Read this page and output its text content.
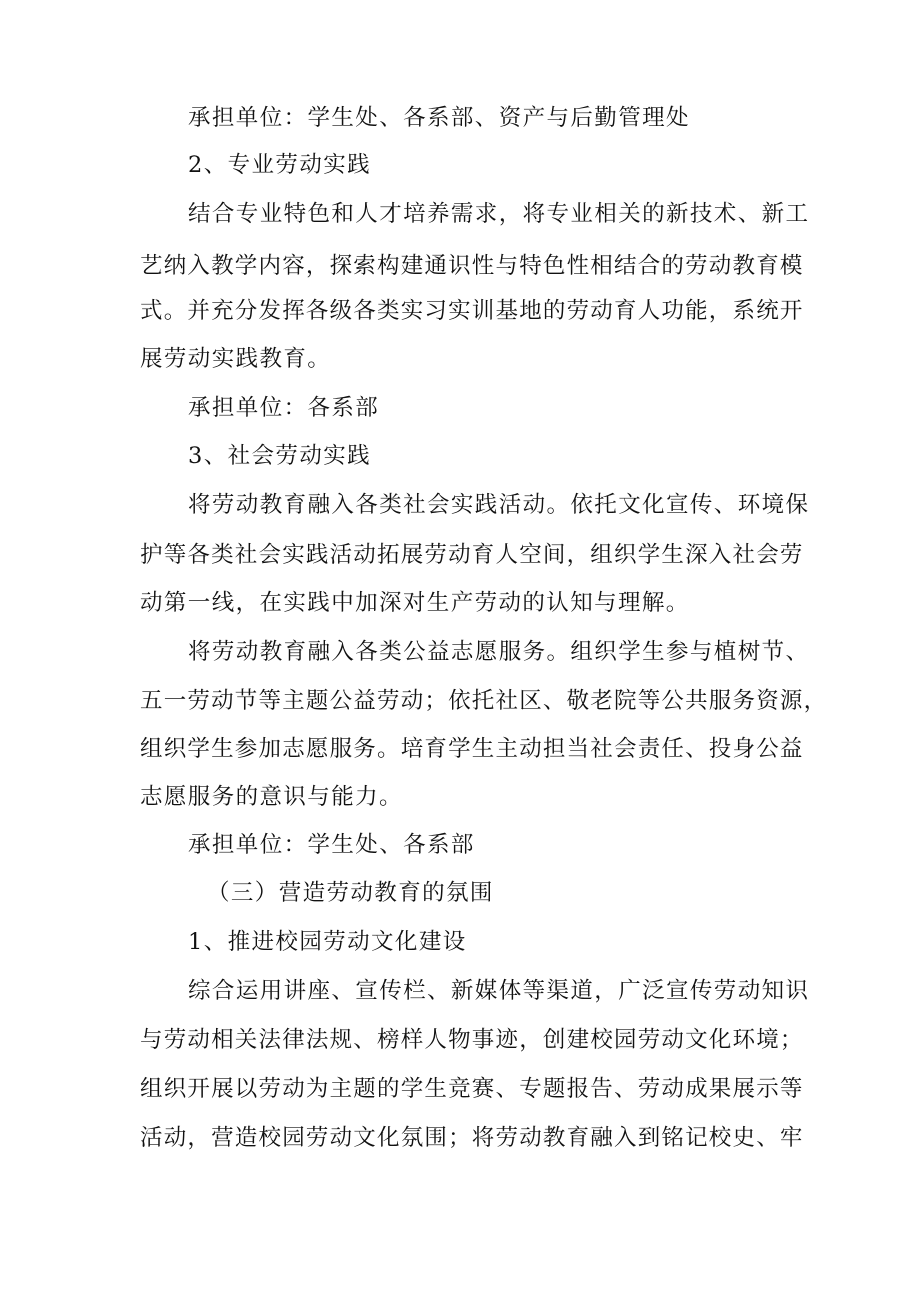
承担单位：学生处、各系部、资产与后勤管理处
2、专业劳动实践
结合专业特色和人才培养需求，将专业相关的新技术、新工
艺纳入教学内容，探索构建通识性与特色性相结合的劳动教育模
式。并充分发挥各级各类实习实训基地的劳动育人功能，系统开
展劳动实践教育。
承担单位：各系部
3、社会劳动实践
将劳动教育融入各类社会实践活动。依托文化宣传、环境保
护等各类社会实践活动拓展劳动育人空间，组织学生深入社会劳
动第一线，在实践中加深对生产劳动的认知与理解。
将劳动教育融入各类公益志愿服务。组织学生参与植树节、
五一劳动节等主题公益劳动；依托社区、敬老院等公共服务资源，
组织学生参加志愿服务。培育学生主动担当社会责任、投身公益
志愿服务的意识与能力。
承担单位：学生处、各系部
（三）营造劳动教育的氛围
1、推进校园劳动文化建设
综合运用讲座、宣传栏、新媒体等渠道，广泛宣传劳动知识
与劳动相关法律法规、榜样人物事迹，创建校园劳动文化环境；
组织开展以劳动为主题的学生竞赛、专题报告、劳动成果展示等
活动，营造校园劳动文化氛围；将劳动教育融入到铭记校史、牢
